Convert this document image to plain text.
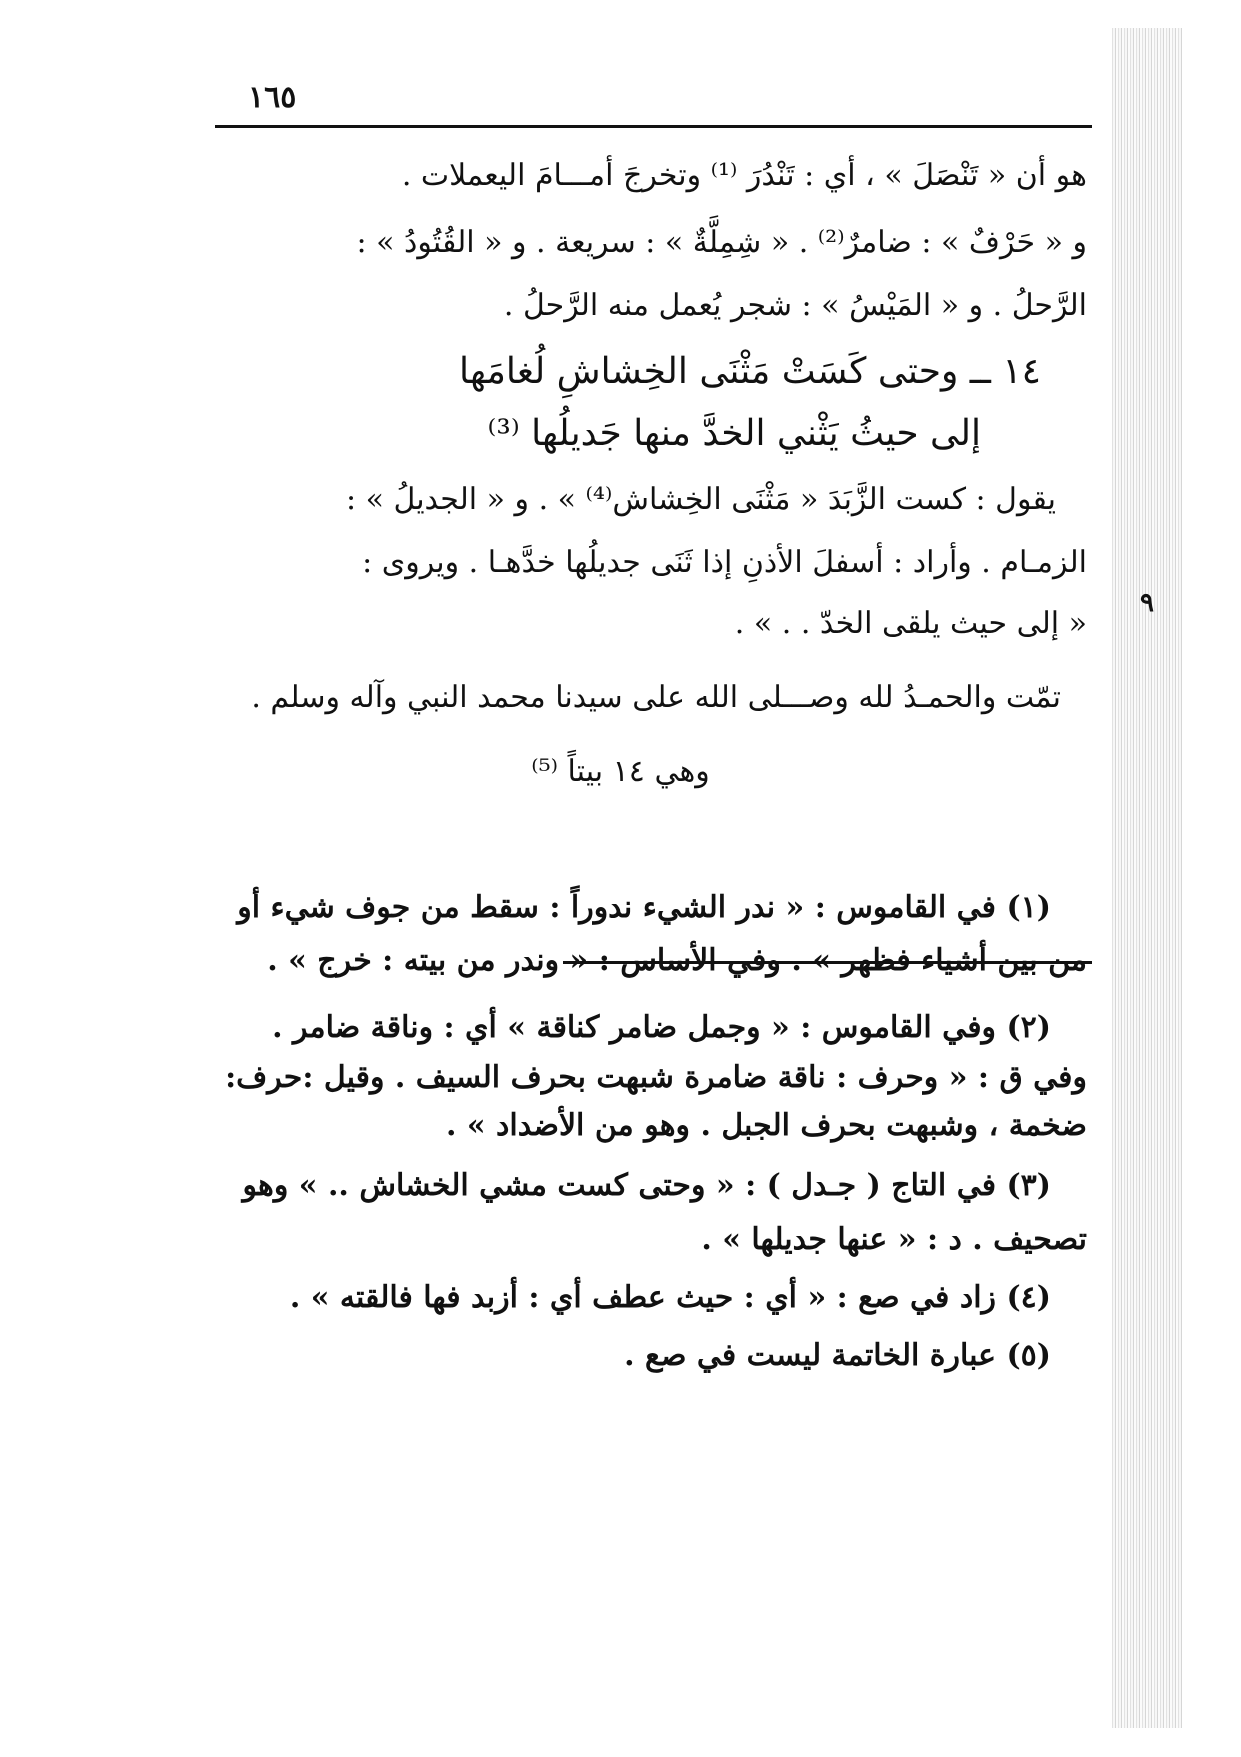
١٦٥
هو أن « تَنْصَلَ » ، أي : تَنْدُرَ ⁽¹⁾ وتخرجَ أمـــامَ اليعملات .
و « حَرْفٌ » : ضامرٌ⁽²⁾ . « شِمِلَّةٌ » : سريعة . و « القُتُودُ » :
الرَّحلُ . و « المَيْسُ » : شجر يُعمل منه الرَّحلُ .
١٤ ــ وحتى كَسَتْ مَثْنَى الخِشاشِ لُغامَها
إلى حيثُ يَثْني الخدَّ منها جَديلُها ⁽³⁾
يقول : كست الزَّبَدَ « مَثْنَى الخِشاش⁽⁴⁾ » . و « الجديلُ » :
الزمـام . وأراد : أسفلَ الأذنِ إذا ثَنَى جديلُها خدَّهـا . ويروى :
« إلى حيث يلقى الخدّ . . » .
٩
تمّت والحمـدُ لله وصـــلى الله على سيدنا محمد النبي وآله وسلم .
وهي ١٤ بيتاً ⁽⁵⁾
(١) في القاموس : « ندر الشيء ندوراً : سقط من جوف شيء أو
من بين أشياء فظهر » . وفي الأساس : « وندر من بيته : خرج » .
(٢) وفي القاموس : « وجمل ضامر كناقة » أي : وناقة ضامر .
وفي ق : « وحرف : ناقة ضامرة شبهت بحرف السيف . وقيل :حرف:
ضخمة ، وشبهت بحرف الجبل . وهو من الأضداد » .
(٣) في التاج ( جـدل ) : « وحتى كست مشي الخشاش .. » وهو
تصحيف . د : « عنها جديلها » .
(٤) زاد في صع : « أي : حيث عطف أي : أزبد فها فالقته » .
(٥) عبارة الخاتمة ليست في صع .
